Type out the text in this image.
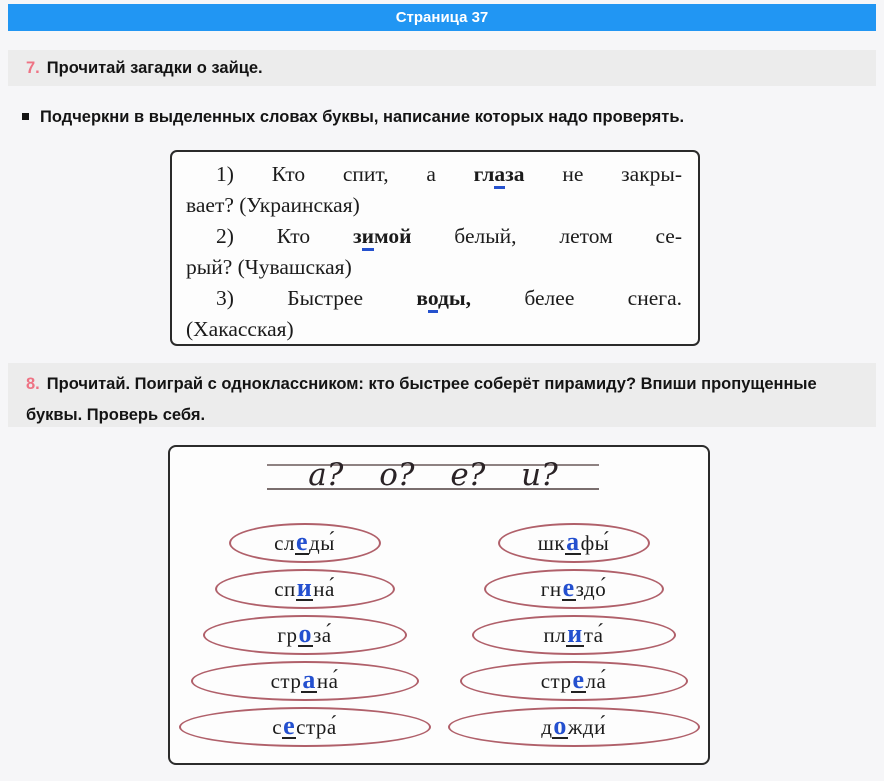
Страница 37
7. Прочитай загадки о зайце.
Подчеркни в выделенных словах буквы, написание которых надо проверять.
1) Кто спит, а глаза не закры-
вает? (Украинская)
2) Кто зимой белый, летом се-
рый? (Чувашская)
3) Быстрее воды, белее снега.
(Хакасская)
8. Прочитай. Поиграй с одноклассником: кто быстрее соберёт пирамиду? Впиши пропущенные буквы. Проверь себя.
а? о? е? и?
сл е ды́
сп и на́
гр о за́
стр а на́
с е стра́
шк а фы́
гн е здо́
пл и та́
стр е ла́
д о жди́
